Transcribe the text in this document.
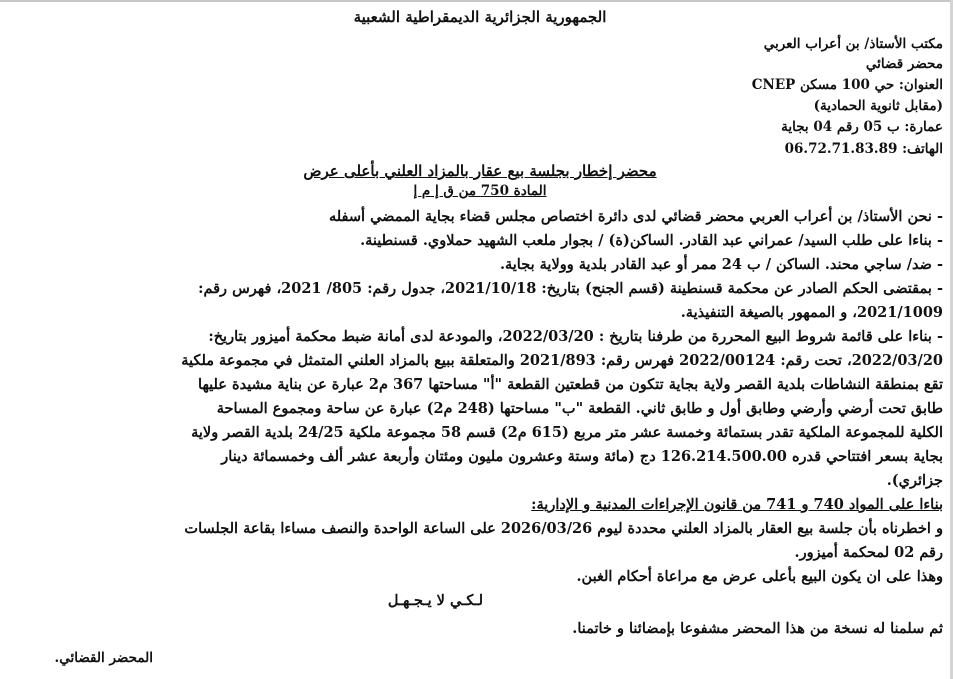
الجمهورية الجزائرية الديمقراطية الشعبية
مكتب الأستاذ/ بن أعراب العربي
محضر قضائي
العنوان: حي 100 مسكن CNEP
(مقابل ثانوية الحمادية)
عمارة: ب 05 رقم 04 بجاية
الهاتف: 06.72.71.83.89
محضر إخطار بجلسة بيع عقار بالمزاد العلني بأعلى عرض
المادة 750 من ق إ م إ
- نحن الأستاذ/ بن أعراب العربي محضر قضائي لدى دائرة اختصاص مجلس قضاء بجاية الممضي أسفله
- بناءا على طلب السيد/ عمراني عبد القادر. الساكن(ة) / بجوار ملعب الشهيد حملاوي. قسنطينة.
- ضد/ ساجي محند. الساكن / ب 24 ممر أو عبد القادر بلدية وولاية بجاية.
- بمقتضى الحكم الصادر عن محكمة قسنطينة (قسم الجنح) بتاريخ: 2021/10/18، جدول رقم: 805/ 2021، فهرس رقم:
2021/1009، و الممهور بالصيغة التنفيذية.
- بناءا على قائمة شروط البيع المحررة من طرفنا بتاريخ : 2022/03/20، والمودعة لدى أمانة ضبط محكمة أميزور بتاريخ:
2022/03/20، تحت رقم: 2022/00124 فهرس رقم: 2021/893 والمتعلقة ببيع بالمزاد العلني المتمثل في مجموعة ملكية
تقع بمنطقة النشاطات بلدية القصر ولاية بجاية تتكون من قطعتين القطعة "أ" مساحتها 367 م2 عبارة عن بناية مشيدة عليها
طابق تحت أرضي وأرضي وطابق أول و طابق ثاني. القطعة "ب" مساحتها (248 م2) عبارة عن ساحة ومجموع المساحة
الكلية للمجموعة الملكية تقدر بستمائة وخمسة عشر متر مربع (615 م2) قسم 58 مجموعة ملكية 24/25 بلدية القصر ولاية
بجاية بسعر افتتاحي قدره 126.214.500.00 دج (مائة وستة وعشرون مليون ومئتان وأربعة عشر ألف وخمسمائة دينار
جزائري).
بناءا على المواد 740 و 741 من قانون الإجراءات المدنية و الإدارية:
و اخطرناه بأن جلسة بيع العقار بالمزاد العلني محددة ليوم 2026/03/26 على الساعة الواحدة والنصف مساءا بقاعة الجلسات
رقم 02 لمحكمة أميزور.
وهذا على ان يكون البيع بأعلى عرض مع مراعاة أحكام الغبن.
لـكـي لا يـجـهـل
ثم سلمنا له نسخة من هذا المحضر مشفوعا بإمضائنا و خاتمنا.
المحضر القضائي.
